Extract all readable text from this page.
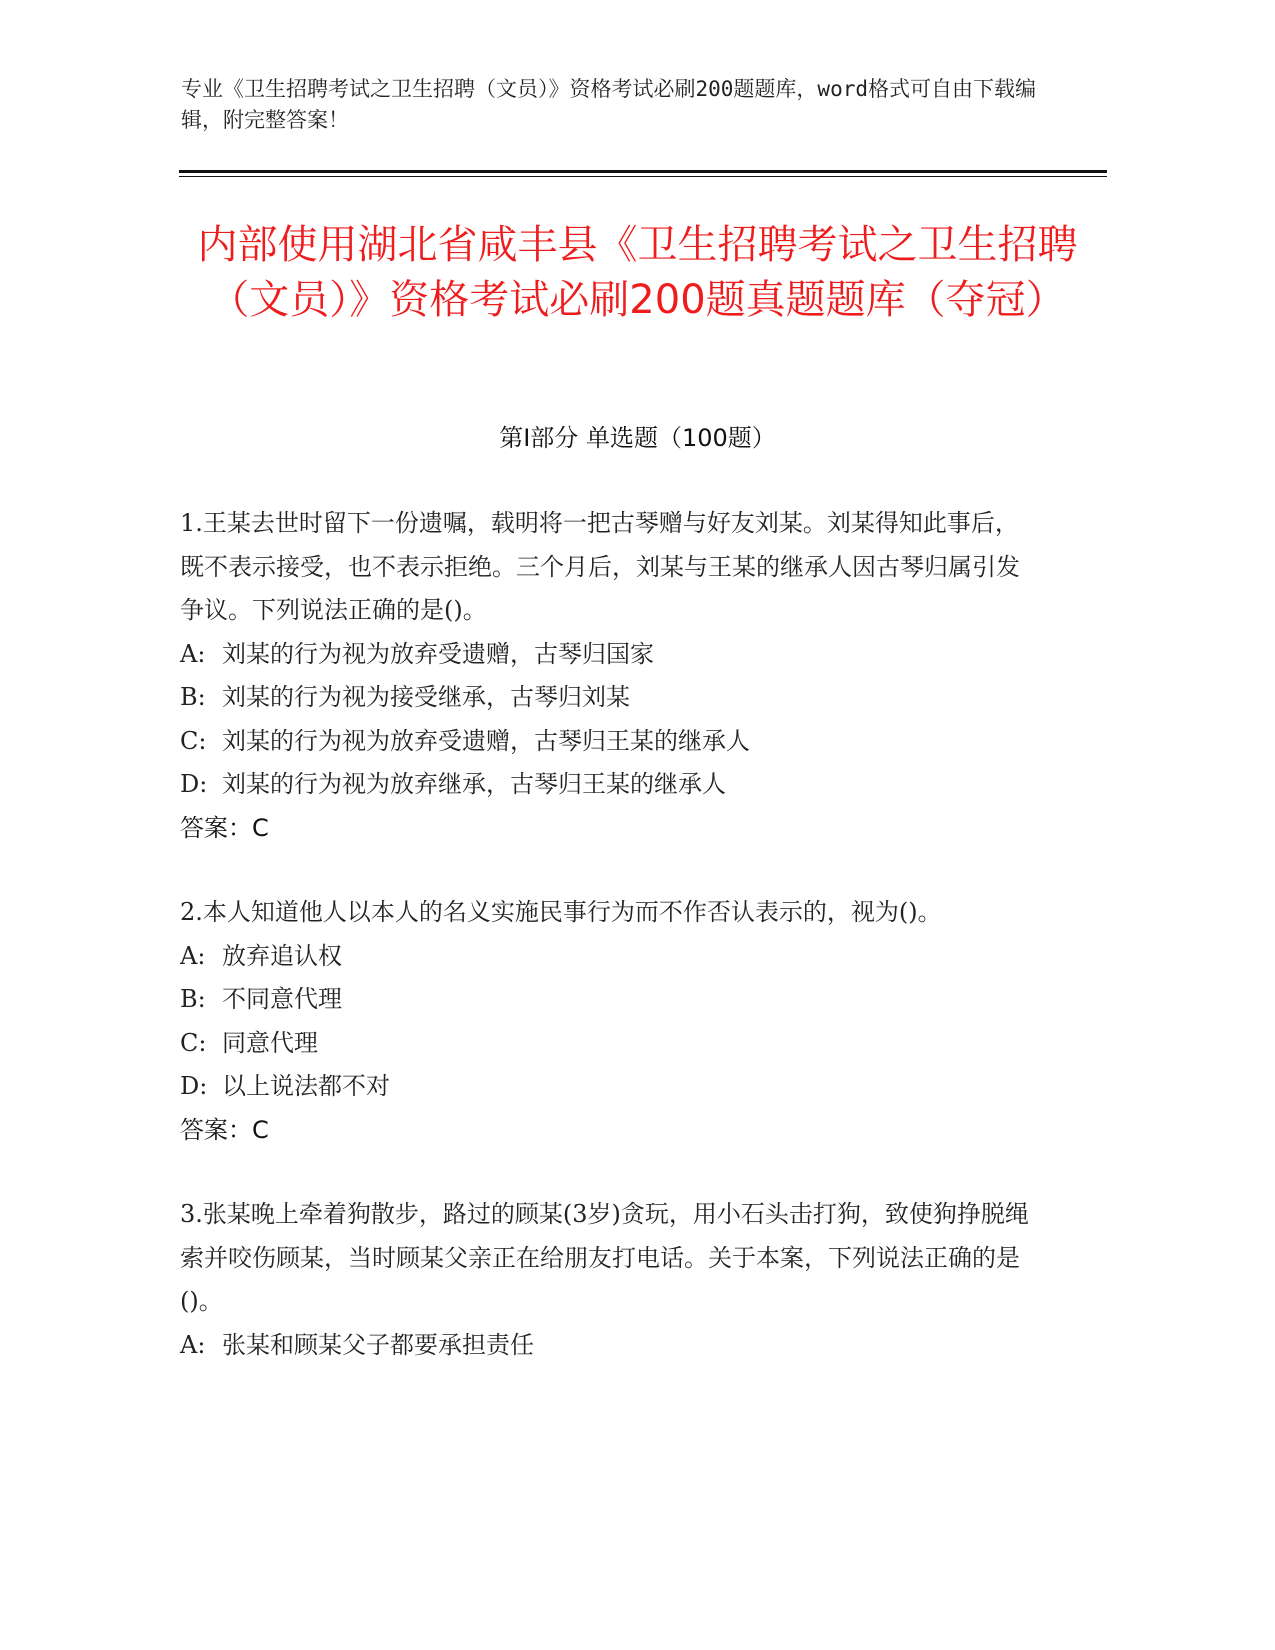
专业《卫生招聘考试之卫生招聘（文员）》资格考试必刷200题题库，word格式可自由下载编辑，附完整答案！
内部使用湖北省咸丰县《卫生招聘考试之卫生招聘（文员）》资格考试必刷200题真题题库（夺冠）
第Ⅰ部分 单选题（100题）

1.王某去世时留下一份遗嘱，载明将一把古琴赠与好友刘某。刘某得知此事后，既不表示接受，也不表示拒绝。三个月后，刘某与王某的继承人因古琴归属引发争议。下列说法正确的是()。

A: 刘某的行为视为放弃受遗赠，古琴归国家

B: 刘某的行为视为接受继承，古琴归刘某

C: 刘某的行为视为放弃受遗赠，古琴归王某的继承人

D: 刘某的行为视为放弃继承，古琴归王某的继承人

答案：C

2.本人知道他人以本人的名义实施民事行为而不作否认表示的，视为()。

A: 放弃追认权

B: 不同意代理

C: 同意代理

D: 以上说法都不对

答案：C

3.张某晚上牵着狗散步，路过的顾某(3岁)贪玩，用小石头击打狗，致使狗挣脱绳索并咬伤顾某，当时顾某父亲正在给朋友打电话。关于本案，下列说法正确的是()。

A: 张某和顾某父子都要承担责任
